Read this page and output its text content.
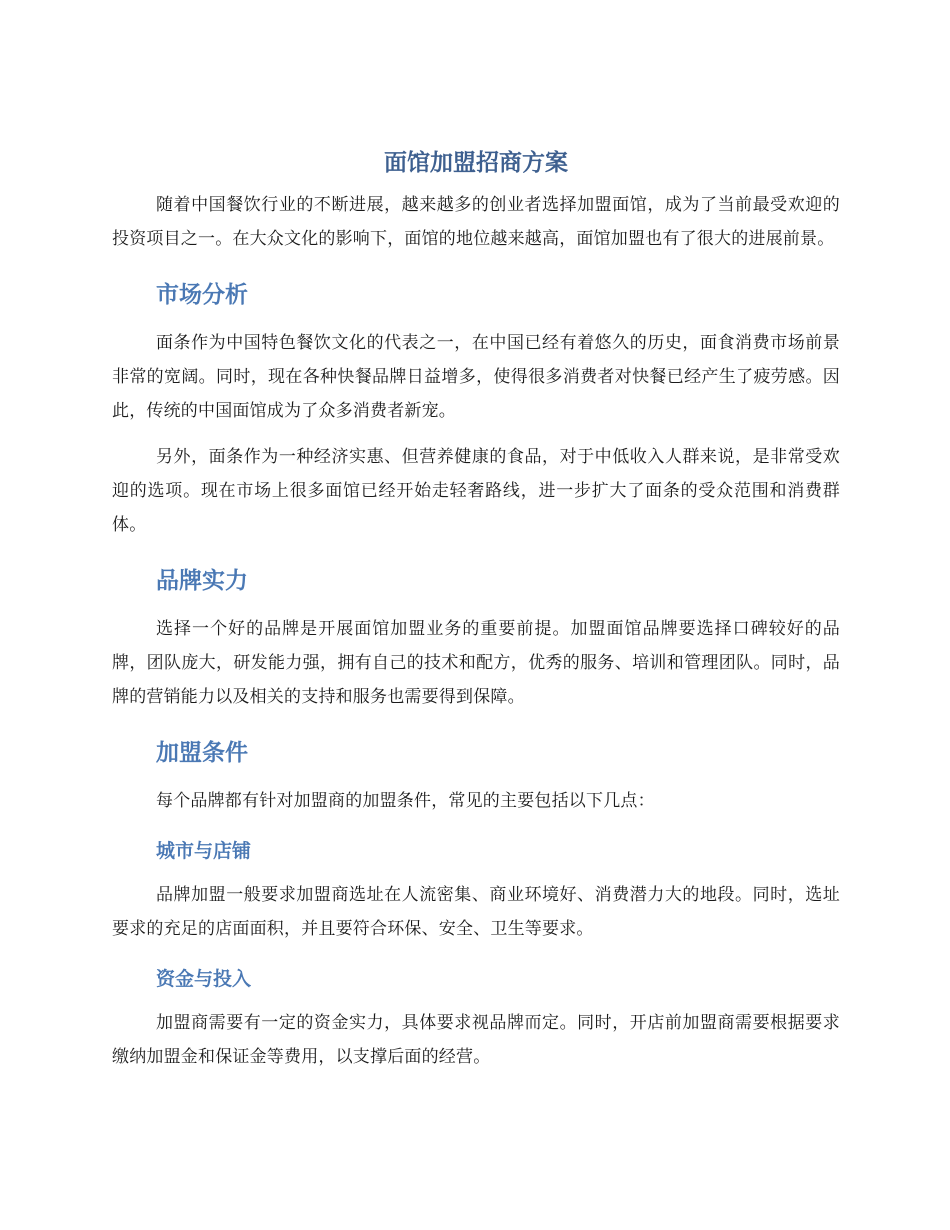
面馆加盟招商方案

随着中国餐饮行业的不断进展，越来越多的创业者选择加盟面馆，成为了当前最受欢迎的投资项目之一。在大众文化的影响下，面馆的地位越来越高，面馆加盟也有了很大的进展前景。

市场分析

面条作为中国特色餐饮文化的代表之一，在中国已经有着悠久的历史，面食消费市场前景非常的宽阔。同时，现在各种快餐品牌日益增多，使得很多消费者对快餐已经产生了疲劳感。因此，传统的中国面馆成为了众多消费者新宠。

另外，面条作为一种经济实惠、但营养健康的食品，对于中低收入人群来说，是非常受欢迎的选项。现在市场上很多面馆已经开始走轻奢路线，进一步扩大了面条的受众范围和消费群体。

品牌实力

选择一个好的品牌是开展面馆加盟业务的重要前提。加盟面馆品牌要选择口碑较好的品牌，团队庞大，研发能力强，拥有自己的技术和配方，优秀的服务、培训和管理团队。同时，品牌的营销能力以及相关的支持和服务也需要得到保障。

加盟条件

每个品牌都有针对加盟商的加盟条件，常见的主要包括以下几点：

城市与店铺

品牌加盟一般要求加盟商选址在人流密集、商业环境好、消费潜力大的地段。同时，选址要求的充足的店面面积，并且要符合环保、安全、卫生等要求。

资金与投入

加盟商需要有一定的资金实力，具体要求视品牌而定。同时，开店前加盟商需要根据要求缴纳加盟金和保证金等费用，以支撑后面的经营。
